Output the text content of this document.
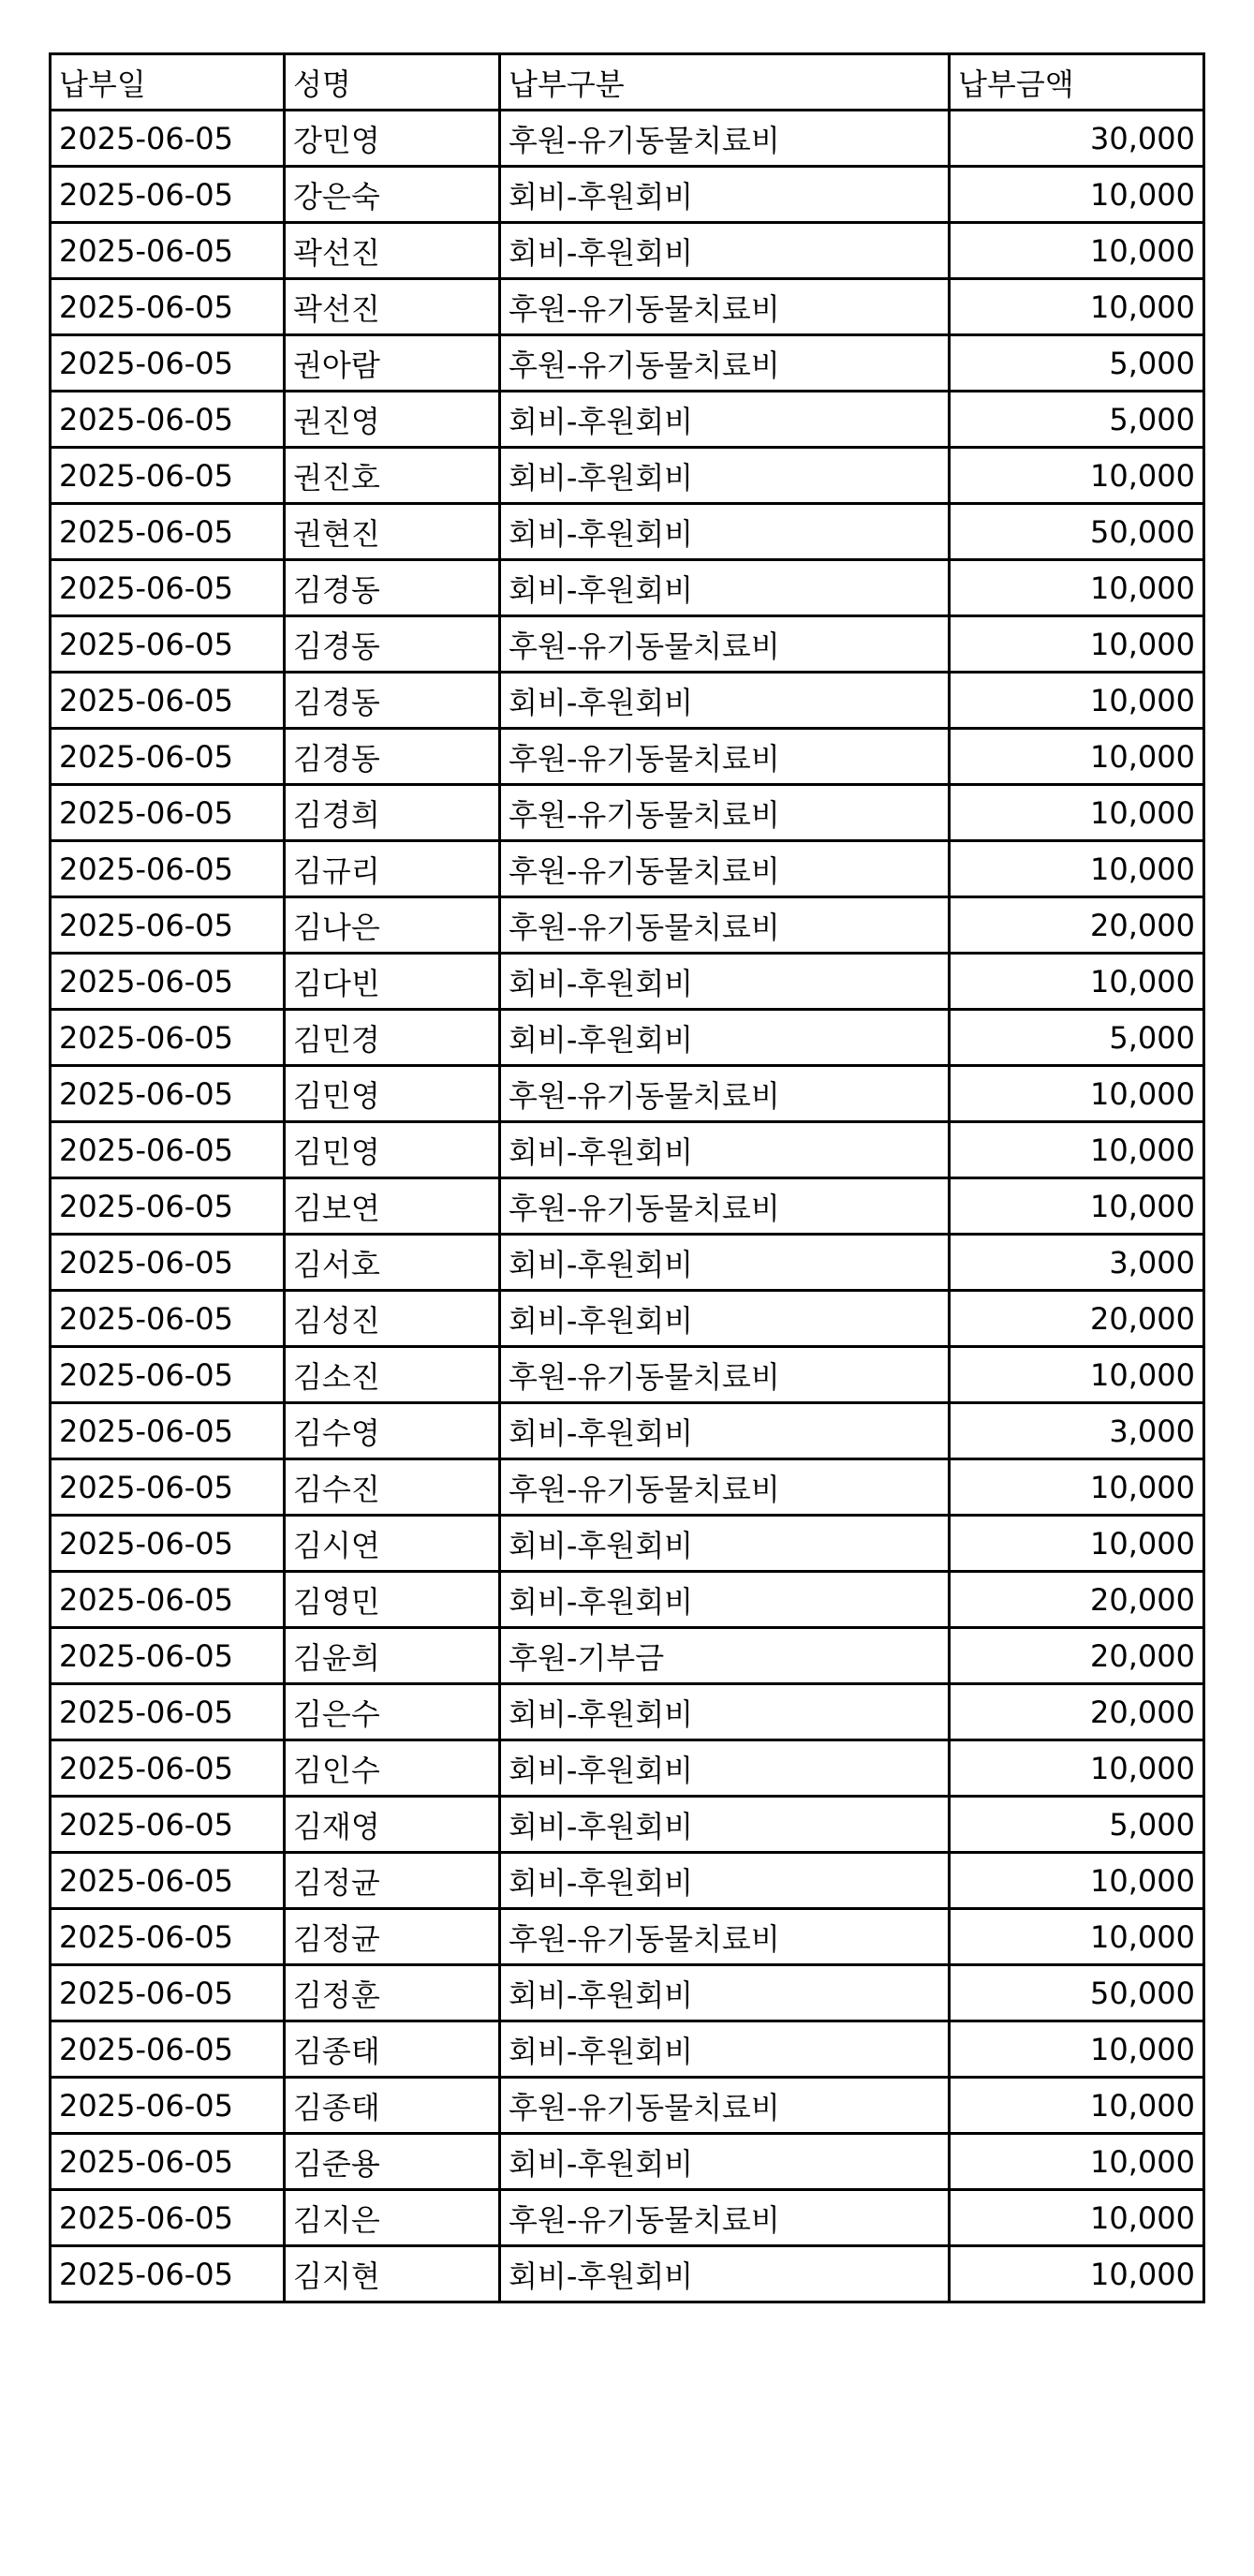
납부일	성명	납부구분	납부금액
2025-06-05	강민영	후원-유기동물치료비	30,000
2025-06-05	강은숙	회비-후원회비	10,000
2025-06-05	곽선진	회비-후원회비	10,000
2025-06-05	곽선진	후원-유기동물치료비	10,000
2025-06-05	권아람	후원-유기동물치료비	5,000
2025-06-05	권진영	회비-후원회비	5,000
2025-06-05	권진호	회비-후원회비	10,000
2025-06-05	권현진	회비-후원회비	50,000
2025-06-05	김경동	회비-후원회비	10,000
2025-06-05	김경동	후원-유기동물치료비	10,000
2025-06-05	김경동	회비-후원회비	10,000
2025-06-05	김경동	후원-유기동물치료비	10,000
2025-06-05	김경희	후원-유기동물치료비	10,000
2025-06-05	김규리	후원-유기동물치료비	10,000
2025-06-05	김나은	후원-유기동물치료비	20,000
2025-06-05	김다빈	회비-후원회비	10,000
2025-06-05	김민경	회비-후원회비	5,000
2025-06-05	김민영	후원-유기동물치료비	10,000
2025-06-05	김민영	회비-후원회비	10,000
2025-06-05	김보연	후원-유기동물치료비	10,000
2025-06-05	김서호	회비-후원회비	3,000
2025-06-05	김성진	회비-후원회비	20,000
2025-06-05	김소진	후원-유기동물치료비	10,000
2025-06-05	김수영	회비-후원회비	3,000
2025-06-05	김수진	후원-유기동물치료비	10,000
2025-06-05	김시연	회비-후원회비	10,000
2025-06-05	김영민	회비-후원회비	20,000
2025-06-05	김윤희	후원-기부금	20,000
2025-06-05	김은수	회비-후원회비	20,000
2025-06-05	김인수	회비-후원회비	10,000
2025-06-05	김재영	회비-후원회비	5,000
2025-06-05	김정균	회비-후원회비	10,000
2025-06-05	김정균	후원-유기동물치료비	10,000
2025-06-05	김정훈	회비-후원회비	50,000
2025-06-05	김종태	회비-후원회비	10,000
2025-06-05	김종태	후원-유기동물치료비	10,000
2025-06-05	김준용	회비-후원회비	10,000
2025-06-05	김지은	후원-유기동물치료비	10,000
2025-06-05	김지현	회비-후원회비	10,000
